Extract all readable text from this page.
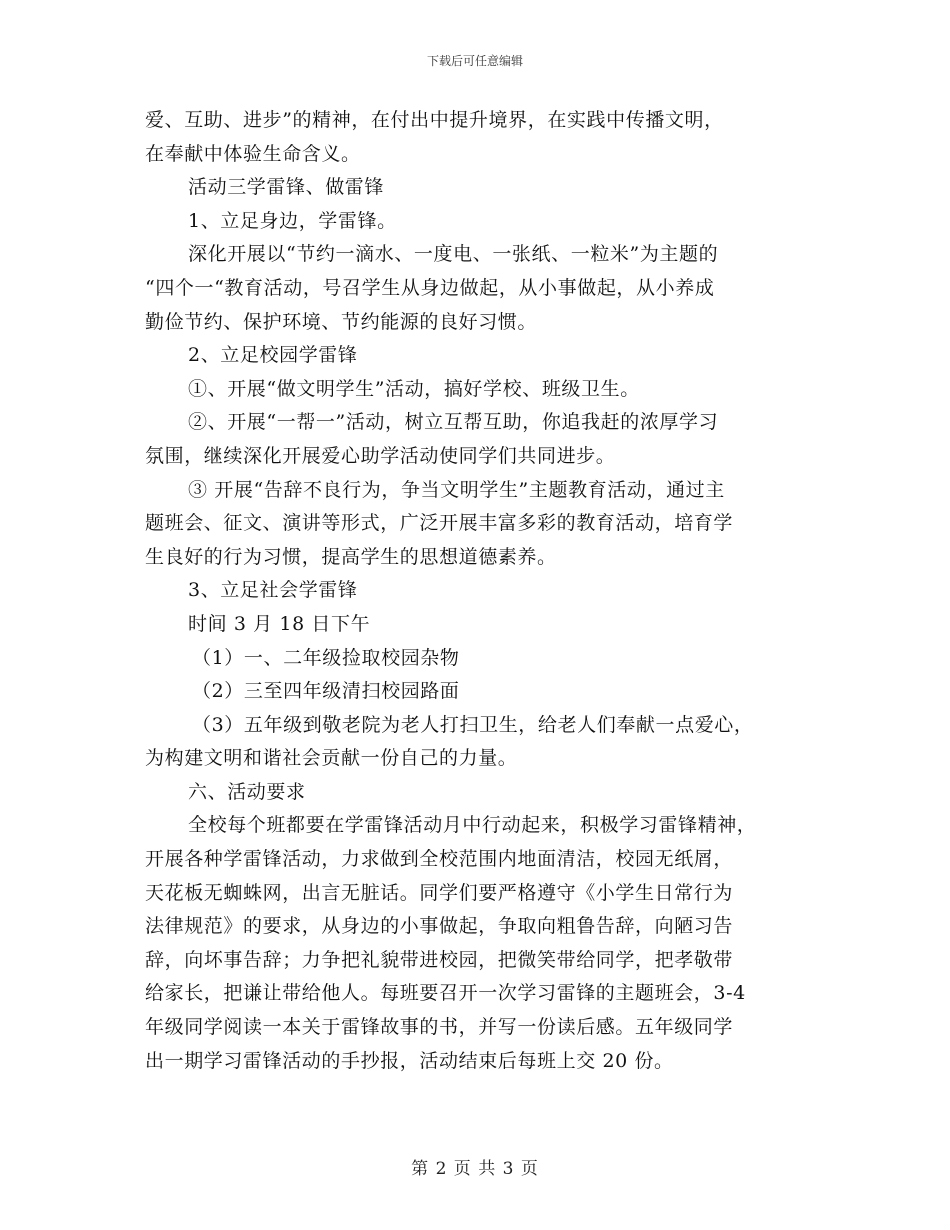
下载后可任意编辑
爱、互助、进步”的精神，在付出中提升境界，在实践中传播文明，
在奉献中体验生命含义。
活动三学雷锋、做雷锋
1、立足身边，学雷锋。
深化开展以“节约一滴水、一度电、一张纸、一粒米”为主题的
“四个一“教育活动，号召学生从身边做起，从小事做起，从小养成
勤俭节约、保护环境、节约能源的良好习惯。
2、立足校园学雷锋
①、开展“做文明学生”活动，搞好学校、班级卫生。
②、开展“一帮一”活动，树立互帮互助，你追我赶的浓厚学习
氛围，继续深化开展爱心助学活动使同学们共同进步。
③ 开展“告辞不良行为，争当文明学生”主题教育活动，通过主
题班会、征文、演讲等形式，广泛开展丰富多彩的教育活动，培育学
生良好的行为习惯，提高学生的思想道德素养。
3、立足社会学雷锋
时间 3 月 18 日下午
（1）一、二年级捡取校园杂物
（2）三至四年级清扫校园路面
（3）五年级到敬老院为老人打扫卫生，给老人们奉献一点爱心，
为构建文明和谐社会贡献一份自己的力量。
六、活动要求
全校每个班都要在学雷锋活动月中行动起来，积极学习雷锋精神，
开展各种学雷锋活动，力求做到全校范围内地面清洁，校园无纸屑，
天花板无蜘蛛网，出言无脏话。同学们要严格遵守《小学生日常行为
法律规范》的要求，从身边的小事做起，争取向粗鲁告辞，向陋习告
辞，向坏事告辞；力争把礼貌带进校园，把微笑带给同学，把孝敬带
给家长，把谦让带给他人。每班要召开一次学习雷锋的主题班会，3-4
年级同学阅读一本关于雷锋故事的书，并写一份读后感。五年级同学
出一期学习雷锋活动的手抄报，活动结束后每班上交 20 份。
第 2 页 共 3 页
